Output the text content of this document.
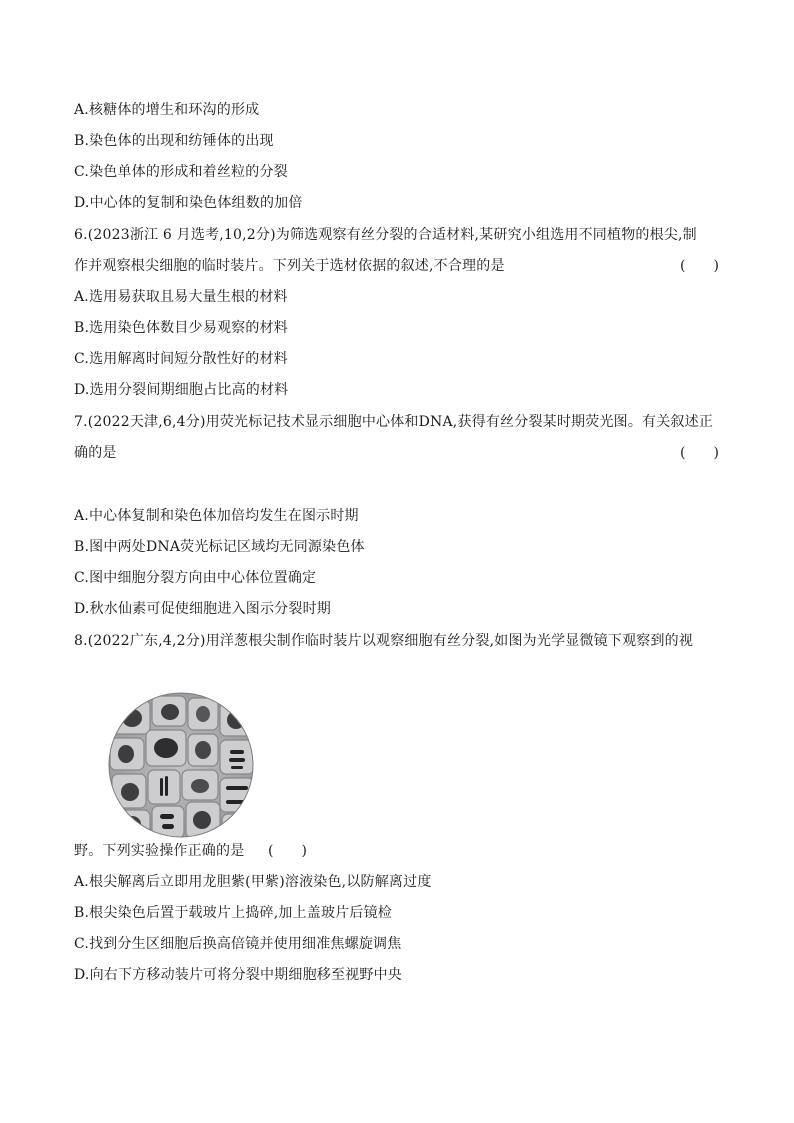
A.核糖体的增生和环沟的形成
B.染色体的出现和纺锤体的出现
C.染色单体的形成和着丝粒的分裂
D.中心体的复制和染色体组数的加倍
6.(2023浙江 6 月选考,10,2分)为筛选观察有丝分裂的合适材料,某研究小组选用不同植物的根尖,制
作并观察根尖细胞的临时装片。下列关于选材依据的叙述,不合理的是	(　　)
A.选用易获取且易大量生根的材料
B.选用染色体数目少易观察的材料
C.选用解离时间短分散性好的材料
D.选用分裂间期细胞占比高的材料
7.(2022天津,6,4分)用荧光标记技术显示细胞中心体和DNA,获得有丝分裂某时期荧光图。有关叙述正
确的是	(　　)
A.中心体复制和染色体加倍均发生在图示时期
B.图中两处DNA荧光标记区域均无同源染色体
C.图中细胞分裂方向由中心体位置确定
D.秋水仙素可促使细胞进入图示分裂时期
8.(2022广东,4,2分)用洋葱根尖制作临时装片以观察细胞有丝分裂,如图为光学显微镜下观察到的视
野。下列实验操作正确的是 (　　)
A.根尖解离后立即用龙胆紫(甲紫)溶液染色,以防解离过度
B.根尖染色后置于载玻片上捣碎,加上盖玻片后镜检
C.找到分生区细胞后换高倍镜并使用细准焦螺旋调焦
D.向右下方移动装片可将分裂中期细胞移至视野中央
